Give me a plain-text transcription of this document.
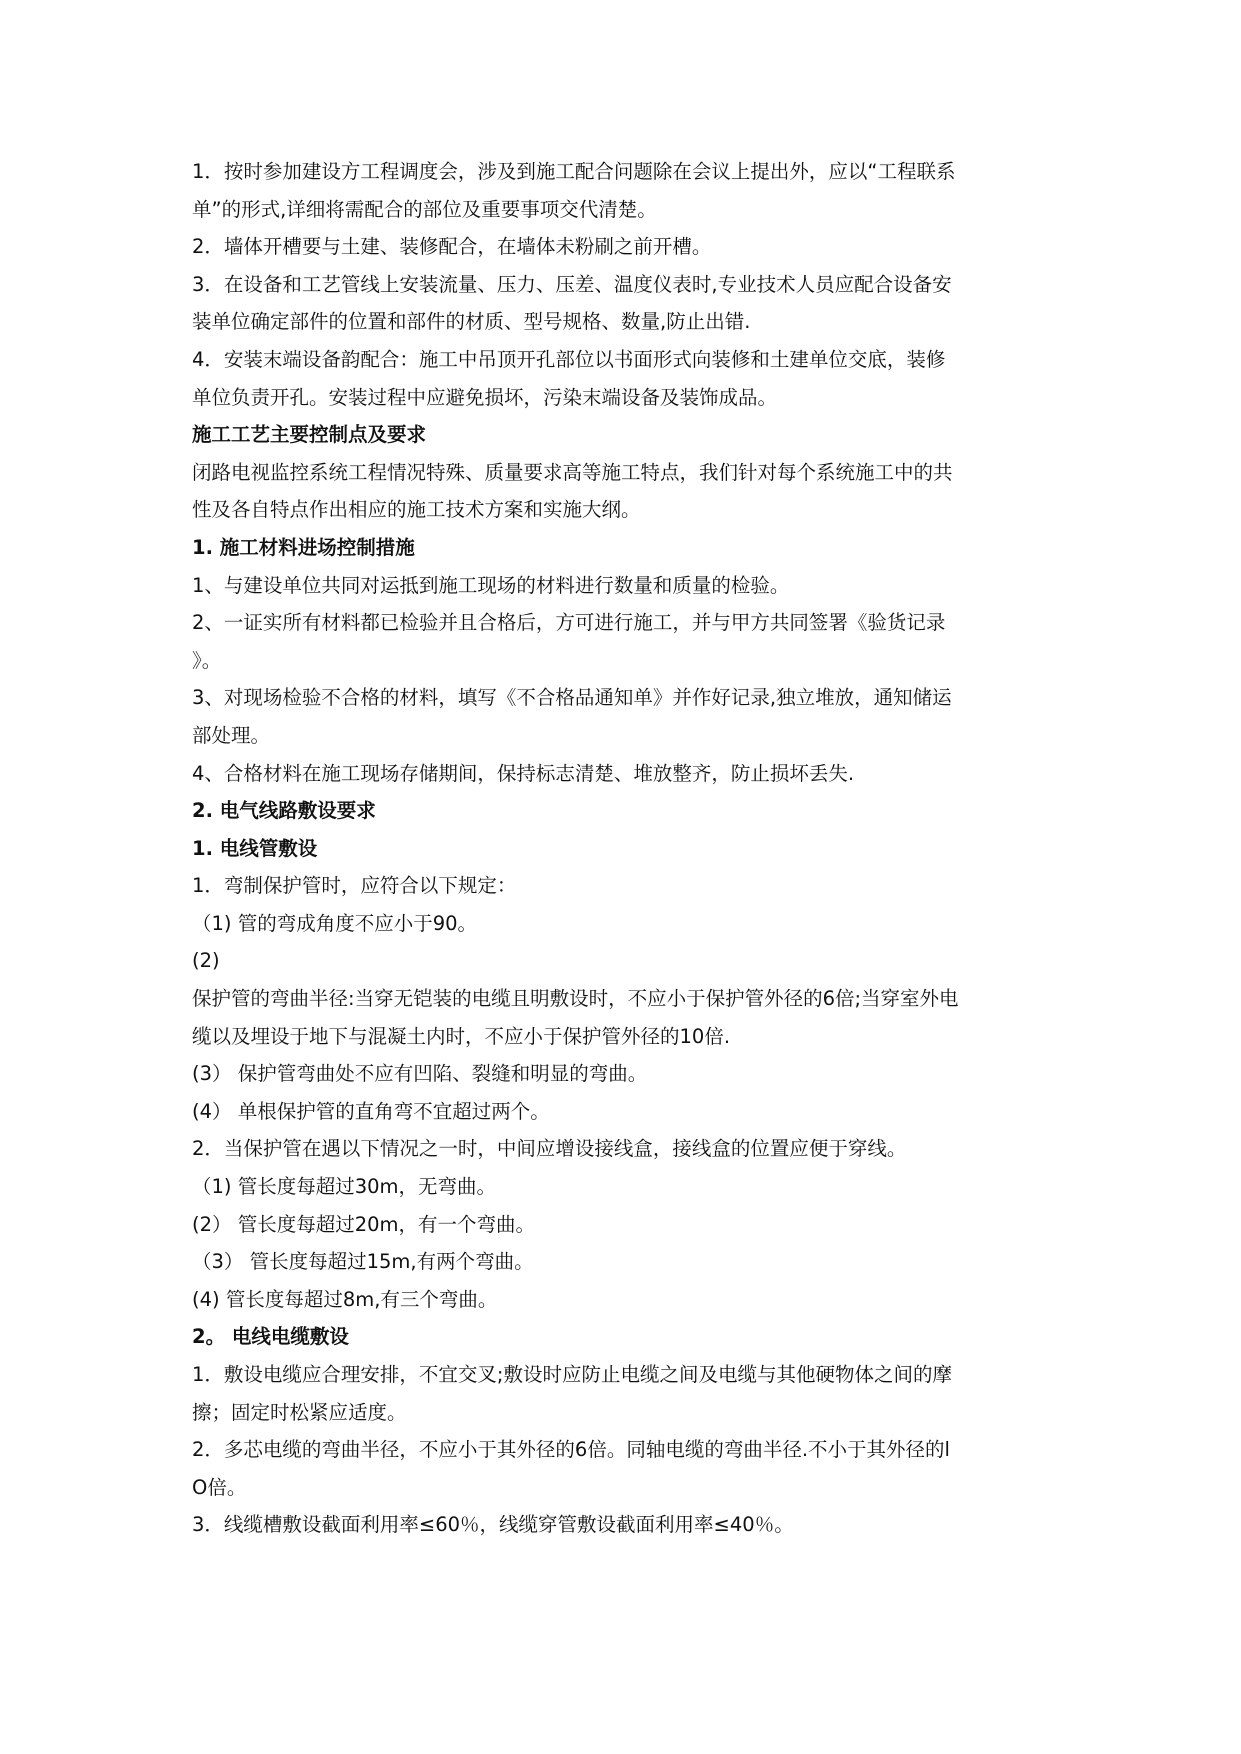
1．按时参加建设方工程调度会，涉及到施工配合问题除在会议上提出外，应以“工程联系
单”的形式,详细将需配合的部位及重要事项交代清楚。
2．墙体开槽要与土建、装修配合，在墙体未粉刷之前开槽。
3．在设备和工艺管线上安装流量、压力、压差、温度仪表时,专业技术人员应配合设备安
装单位确定部件的位置和部件的材质、型号规格、数量,防止出错.
4．安装末端设备韵配合：施工中吊顶开孔部位以书面形式向装修和土建单位交底，装修
单位负责开孔。安装过程中应避免损坏，污染末端设备及装饰成品。
施工工艺主要控制点及要求
闭路电视监控系统工程情况特殊、质量要求高等施工特点，我们针对每个系统施工中的共
性及各自特点作出相应的施工技术方案和实施大纲。
1. 施工材料进场控制措施
1、与建设单位共同对运抵到施工现场的材料进行数量和质量的检验。
2、一证实所有材料都已检验并且合格后，方可进行施工，并与甲方共同签署《验货记录
》。
3、对现场检验不合格的材料，填写《不合格品通知单》并作好记录,独立堆放，通知储运
部处理。
4、合格材料在施工现场存储期间，保持标志清楚、堆放整齐，防止损坏丢失.
2. 电气线路敷设要求
1. 电线管敷设
1．弯制保护管时，应符合以下规定：
（1) 管的弯成角度不应小于90。
(2)
保护管的弯曲半径:当穿无铠装的电缆且明敷设时，不应小于保护管外径的6倍;当穿室外电
缆以及埋设于地下与混凝土内时，不应小于保护管外径的10倍.
(3） 保护管弯曲处不应有凹陷、裂缝和明显的弯曲。
(4） 单根保护管的直角弯不宜超过两个。
2．当保护管在遇以下情况之一时，中间应增设接线盒，接线盒的位置应便于穿线。
（1) 管长度每超过30m，无弯曲。
(2） 管长度每超过20m，有一个弯曲。
（3） 管长度每超过15m,有两个弯曲。
(4) 管长度每超过8m,有三个弯曲。
2。 电线电缆敷设
1．敷设电缆应合理安排，不宜交叉;敷设时应防止电缆之间及电缆与其他硬物体之间的摩
擦；固定时松紧应适度。
2．多芯电缆的弯曲半径，不应小于其外径的6倍。同轴电缆的弯曲半径.不小于其外径的l
O倍。
3．线缆槽敷设截面利用率≤60％，线缆穿管敷设截面利用率≤40％。
